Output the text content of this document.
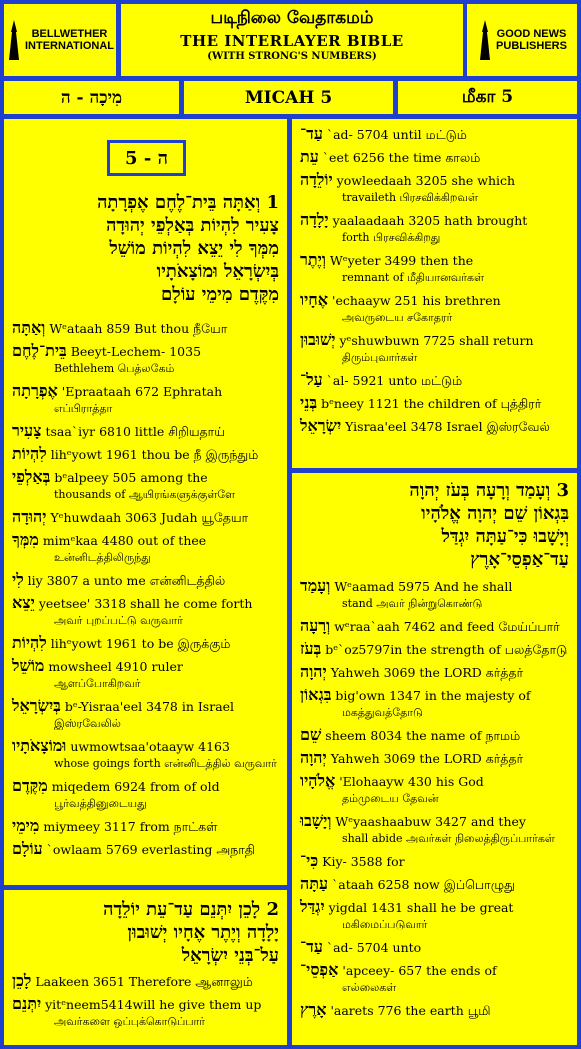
BELLWETHER
INTERNATIONAL
படிநிலை வேதாகமம்
THE INTERLAYER BIBLE
(WITH STRONG'S NUMBERS)
GOOD NEWS
PUBLISHERS
מִיכָה - ה	MICAH 5	மீகா 5
5 - ה
1 וְאַתָּה בֵּית־לֶחֶם אֶפְרָתָה
צָעִיר לִהְיוֹת בְּאַלְפֵי יְהוּדָה
מִמְּךָ לִי יֵצֵא לִהְיוֹת מוֹשֵׁל
בְּיִשְׂרָאֵל וּמוֹצָאֹתָיו
מִקֶּדֶם מִימֵי עוֹלָם
וְאַתָּה Wᵉataah 859 But thou நீயோ
בֵּית־לֶחֶם Beeyt-Lechem- 1035
Bethlehem பெத்லகேம்
אֶפְרָתָה 'Epraataah 672 Ephratah
எப்பிராத்தா
צָעִיר tsaa`iyr 6810 little சிறியதாய்
לִהְיוֹת lihᵉyowt 1961 thou be நீ இருந்தும்
בְּאַלְפֵי bᵉalpeey 505 among the
thousands of ஆயிரங்களுக்குள்ளே
יְהוּדָה Yᵉhuwdaah 3063 Judah யூதேயா
מִמְּךָ mimᵉkaa 4480 out of thee
உன்னிடத்திலிருந்து
לִי liy 3807 a unto me என்னிடத்தில்
יֵצֵא yeetsee' 3318 shall he come forth
அவர் புறப்பட்டு வருவார்
לִהְיוֹת lihᵉyowt 1961 to be இருக்கும்
מוֹשֵׁל mowsheel 4910 ruler
ஆளப்போகிறவர்
בְּיִשְׂרָאֵל bᵉ-Yisraa'eel 3478 in Israel
இஸ்ரவேலில்
וּמוֹצָאֹתָיו uwmowtsaa'otaayw 4163
whose goings forth என்னிடத்தில் வருவார்
מִקֶּדֶם miqedem 6924 from of old
பூர்வத்தினுடையது
מִימֵי miymeey 3117 from நாட்கள்
עוֹלָם `owlaam 5769 everlasting அநாதி
2 לָכֵן יִתְּנֵם עַד־עֵת יוֹלֵדָה
יָלָדָה וְיֶתֶר אֶחָיו יְשׁוּבוּן
עַל־בְּנֵי יִשְׂרָאֵל
לָכֵן Laakeen 3651 Therefore ஆனாலும்
יִתְּנֵם yitᵉneem5414will he give them up
அவர்களை ஒப்புக்கொடுப்பார்
עַד־ `ad- 5704 until மட்டும்
עֵת `eet 6256 the time காலம்
יוֹלֵדָה yowleedaah 3205 she which
travaileth பிரசவிக்கிறவள்
יָלָדָה yaalaadaah 3205 hath brought
forth பிரசவிக்கிறது
וְיֶתֶר Wᵉyeter 3499 then the
remnant of மீதியானவர்கள்
אֶחָיו 'echaayw 251 his brethren
அவருடைய சகோதரர்
יְשׁוּבוּן yᵉshuwbuwn 7725 shall return
திரும்புவார்கள்
עַל־ `al- 5921 unto மட்டும்
בְּנֵי bᵉneey 1121 the children of புத்திரர்
יִשְׂרָאֵל Yisraa'eel 3478 Israel இஸ்ரவேல்
3 וְעָמַד וְרָעָה בְּעֹז יְהוָה
בִּגְאוֹן שֵׁם יְהוָה אֱלֹהָיו
וְיָשָׁבוּ כִּי־עַתָּה יִגְדַּל
עַד־אַפְסֵי־אָרֶץ
וְעָמַד Wᵉaamad 5975 And he shall
stand அவர் நின்றுகொண்டு
וְרָעָה wᵉraa`aah 7462 and feed மேய்ப்பார்
בְּעֹז bᵉ`oz5797in the strength of பலத்தோடு
יְהוָה Yahweh 3069 the LORD கர்த்தர்
בִּגְאוֹן big'own 1347 in the majesty of
மகத்துவத்தோடு
שֵׁם sheem 8034 the name of நாமம்
יְהוָה Yahweh 3069 the LORD கர்த்தர்
אֱלֹהָיו 'Elohaayw 430 his God
தம்முடைய தேவன்
וְיָשָׁבוּ Wᵉyaashaabuw 3427 and they
shall abide அவர்கள் நிலைத்திருப்பார்கள்
כִּי־ Kiy- 3588 for
עַתָּה `ataah 6258 now இப்பொழுது
יִגְדַּל yigdal 1431 shall he be great
மகிமைப்படுவார்
עַד־ `ad- 5704 unto
אַפְסֵי־ 'apceey- 657 the ends of
எல்லைகள்
אָרֶץ 'aarets 776 the earth பூமி
